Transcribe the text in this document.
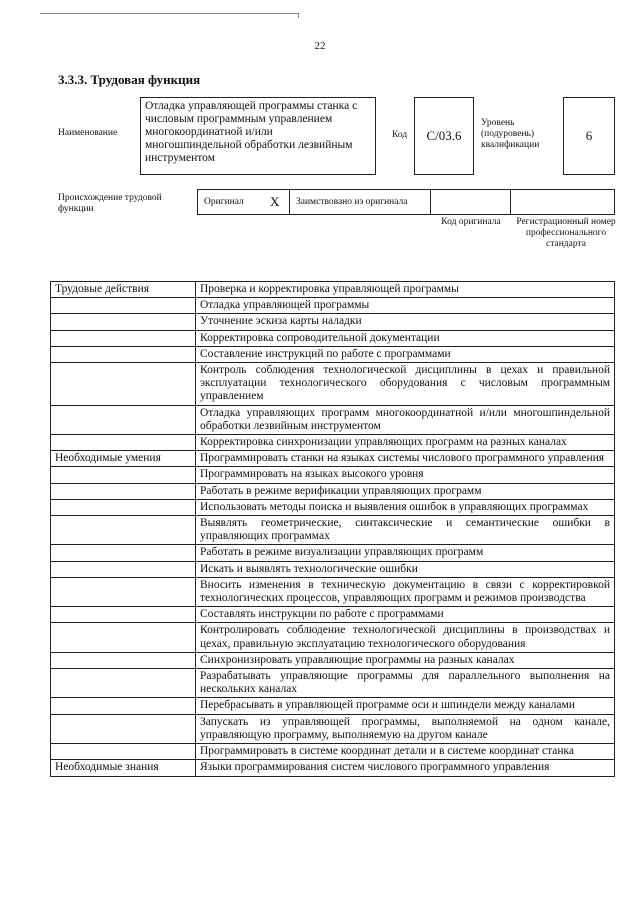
22
3.3.3. Трудовая функция
Наименование
Отладка управляющей программы станка с числовым программным управлением многокоординатной и/или многошпиндельной обработки лезвийным инструментом
Код C/03.6
Уровень (подуровень) квалификации
6
Происхождение трудовой функции
Оригинал X Заимствовано из оригинала
Код оригинала Регистрационный номер профессионального стандарта
Трудовые действия	Проверка и корректировка управляющей программы
	Отладка управляющей программы
	Уточнение эскиза карты наладки
	Корректировка сопроводительной документации
	Составление инструкций по работе с программами
	Контроль соблюдения технологической дисциплины в цехах и правильной эксплуатации технологического оборудования с числовым программным управлением
	Отладка управляющих программ многокоординатной и/или многошпиндельной обработки лезвийным инструментом
	Корректировка синхронизации управляющих программ на разных каналах
Необходимые умения	Программировать станки на языках системы числового программного управления
	Программировать на языках высокого уровня
	Работать в режиме верификации управляющих программ
	Использовать методы поиска и выявления ошибок в управляющих программах
	Выявлять геометрические, синтаксические и семантические ошибки в управляющих программах
	Работать в режиме визуализации управляющих программ
	Искать и выявлять технологические ошибки
	Вносить изменения в техническую документацию в связи с корректировкой технологических процессов, управляющих программ и режимов производства
	Составлять инструкции по работе с программами
	Контролировать соблюдение технологической дисциплины в производствах и цехах, правильную эксплуатацию технологического оборудования
	Синхронизировать управляющие программы на разных каналах
	Разрабатывать управляющие программы для параллельного выполнения на нескольких каналах
	Перебрасывать в управляющей программе оси и шпиндели между каналами
	Запускать из управляющей программы, выполняемой на одном канале, управляющую программу, выполняемую на другом канале
	Программировать в системе координат детали и в системе координат станка
Необходимые знания	Языки программирования систем числового программного управления
